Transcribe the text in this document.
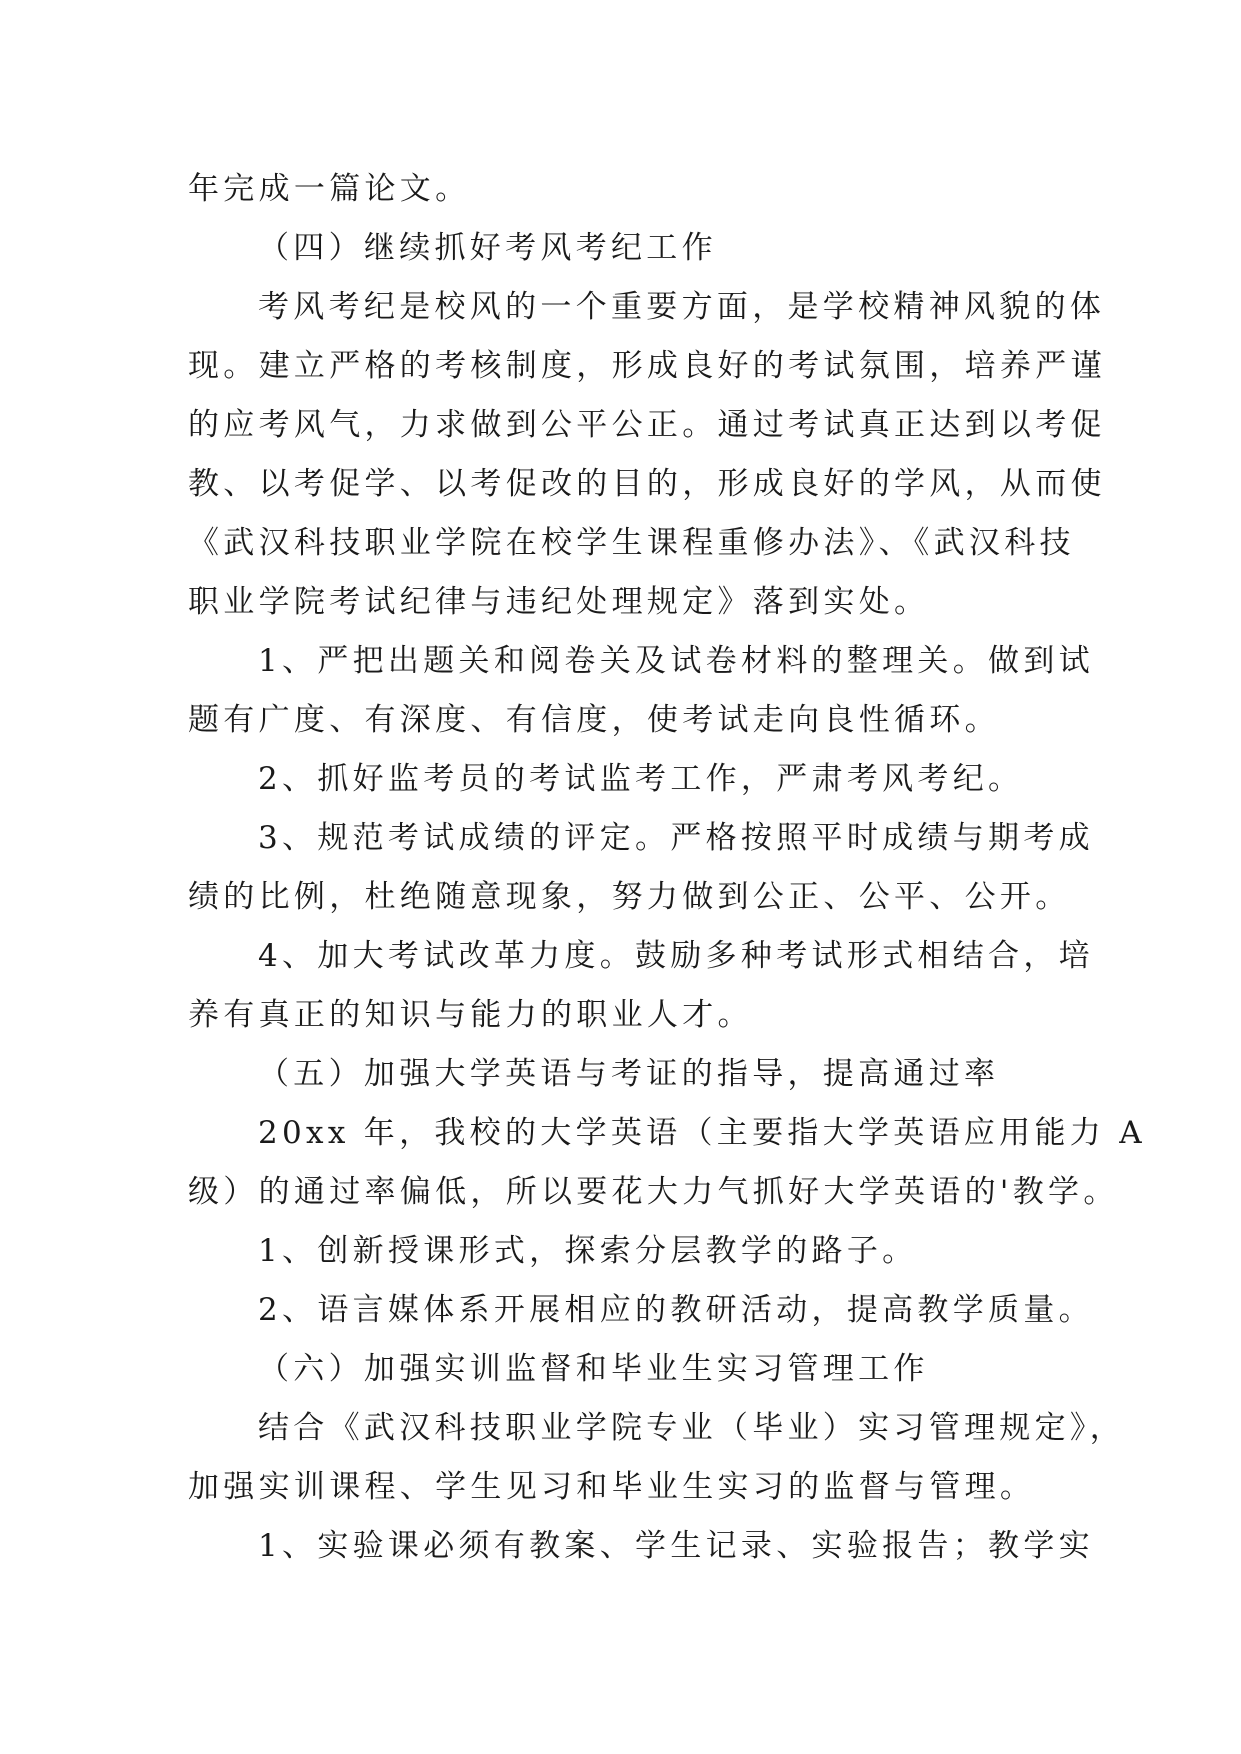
年完成一篇论文。
（四）继续抓好考风考纪工作
考风考纪是校风的一个重要方面，是学校精神风貌的体
现。建立严格的考核制度，形成良好的考试氛围，培养严谨
的应考风气，力求做到公平公正。通过考试真正达到以考促
教、以考促学、以考促改的目的，形成良好的学风，从而使
《武汉科技职业学院在校学生课程重修办法》、《武汉科技
职业学院考试纪律与违纪处理规定》落到实处。
1、严把出题关和阅卷关及试卷材料的整理关。做到试
题有广度、有深度、有信度，使考试走向良性循环。
2、抓好监考员的考试监考工作，严肃考风考纪。
3、规范考试成绩的评定。严格按照平时成绩与期考成
绩的比例，杜绝随意现象，努力做到公正、公平、公开。
4、加大考试改革力度。鼓励多种考试形式相结合，培
养有真正的知识与能力的职业人才。
（五）加强大学英语与考证的指导，提高通过率
20xx 年，我校的大学英语（主要指大学英语应用能力 A
级）的通过率偏低，所以要花大力气抓好大学英语的'教学。
1、创新授课形式，探索分层教学的路子。
2、语言媒体系开展相应的教研活动，提高教学质量。
（六）加强实训监督和毕业生实习管理工作
结合《武汉科技职业学院专业（毕业）实习管理规定》，
加强实训课程、学生见习和毕业生实习的监督与管理。
1、实验课必须有教案、学生记录、实验报告；教学实
